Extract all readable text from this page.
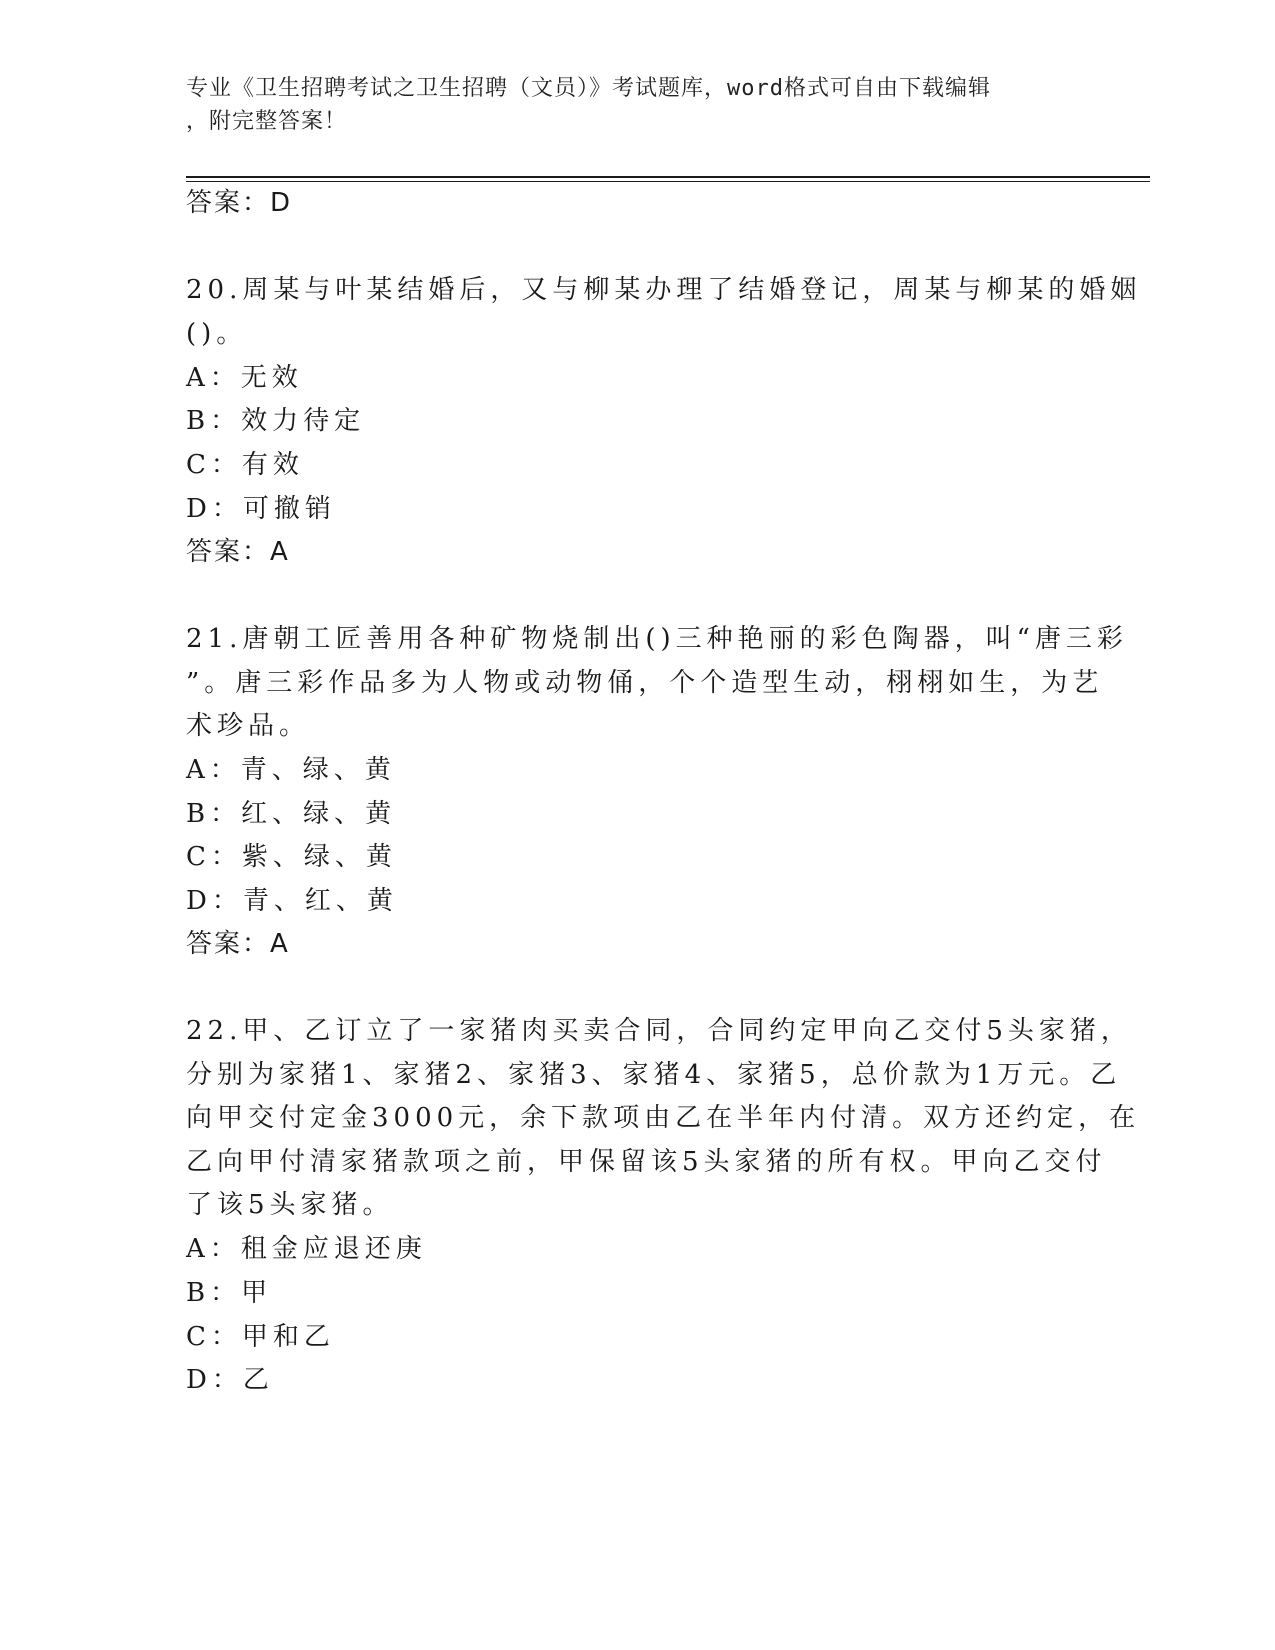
专业《卫生招聘考试之卫生招聘（文员）》考试题库，word格式可自由下载编辑
，附完整答案！
答案：D
20.周某与叶某结婚后，又与柳某办理了结婚登记，周某与柳某的婚姻
()。
A：无效
B：效力待定
C：有效
D：可撤销
答案：A
21.唐朝工匠善用各种矿物烧制出()三种艳丽的彩色陶器，叫“唐三彩
”。唐三彩作品多为人物或动物俑，个个造型生动，栩栩如生，为艺
术珍品。
A：青、绿、黄
B：红、绿、黄
C：紫、绿、黄
D：青、红、黄
答案：A
22.甲、乙订立了一家猪肉买卖合同，合同约定甲向乙交付5头家猪，
分别为家猪1、家猪2、家猪3、家猪4、家猪5，总价款为1万元。乙
向甲交付定金3000元，余下款项由乙在半年内付清。双方还约定，在
乙向甲付清家猪款项之前，甲保留该5头家猪的所有权。甲向乙交付
了该5头家猪。
A：租金应退还庚
B：甲
C：甲和乙
D：乙
